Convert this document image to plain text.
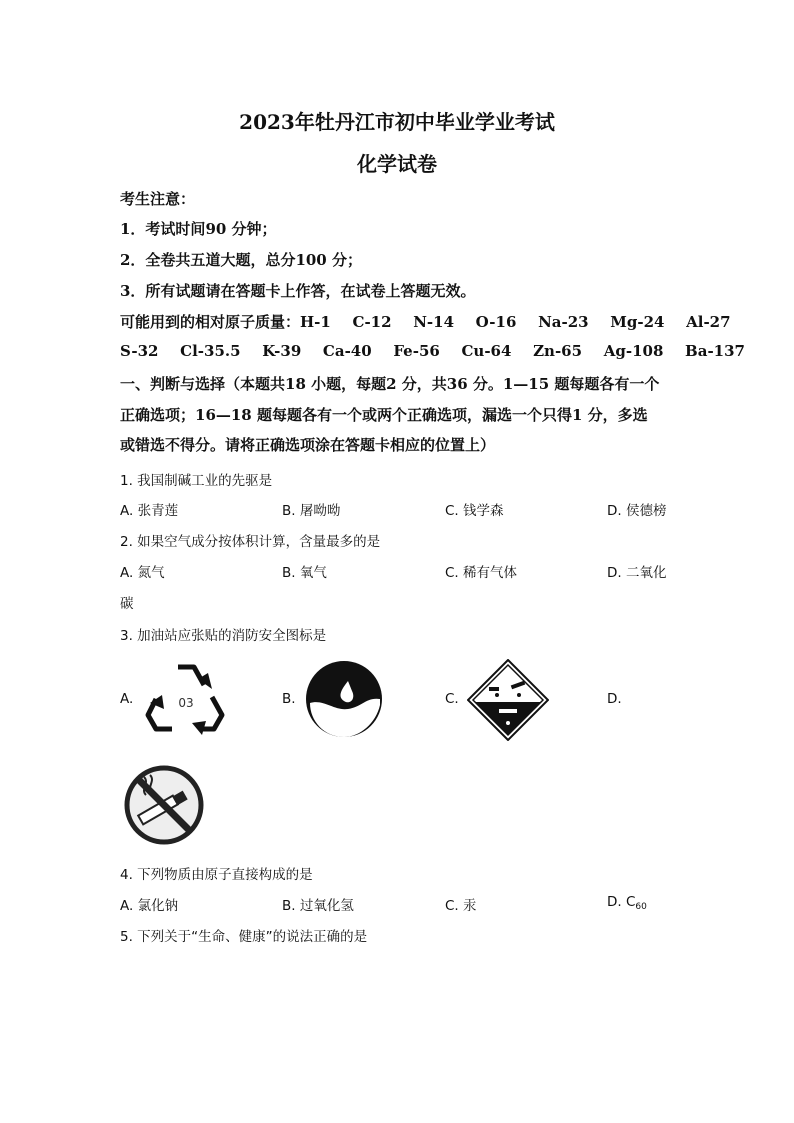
2023年牡丹江市初中毕业学业考试
化学试卷
考生注意：
1．考试时间90 分钟；
2．全卷共五道大题，总分100 分；
3．所有试题请在答题卡上作答，在试卷上答题无效。
可能用到的相对原子质量：H-1   C-12   N-14   O-16   Na-23   Mg-24   Al-27
S-32   Cl-35.5   K-39   Ca-40   Fe-56   Cu-64   Zn-65   Ag-108   Ba-137
一、判断与选择（本题共18 小题，每题2 分，共36 分。1—15 题每题各有一个
正确选项；16—18 题每题各有一个或两个正确选项，漏选一个只得1 分，多选
或错选不得分。请将正确选项涂在答题卡相应的位置上）
1. 我国制碱工业的先驱是
A. 张青莲	B. 屠呦呦	C. 钱学森	D. 侯德榜
2. 如果空气成分按体积计算，含量最多的是
A. 氮气	B. 氧气	C. 稀有气体	D. 二氧化
碳
3. 加油站应张贴的消防安全图标是
A.	B.	C.	D.
03
4. 下列物质由原子直接构成的是
A. 氯化钠	B. 过氧化氢	C. 汞	D. $C_{60}$
5. 下列关于“生命、健康”的说法正确的是
